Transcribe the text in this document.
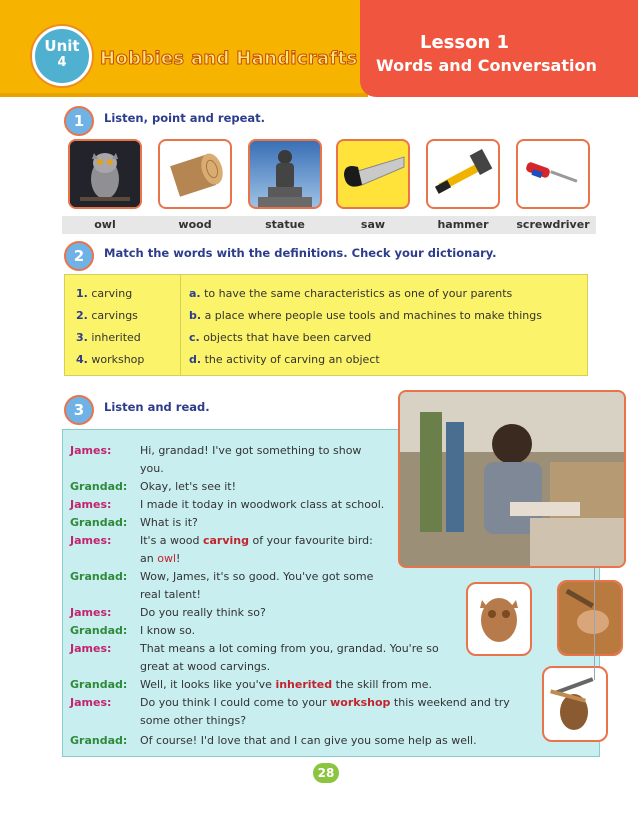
Unit
4	Hobbies and Handicrafts
Lesson 1
Words and Conversation
1	Listen, point and repeat.
owl	wood	statue	saw	hammer	screwdriver
2	Match the words with the definitions. Check your dictionary.
1. carving
2. carvings
3. inherited
4. workshop
a. to have the same characteristics as one of your parents
b. a place where people use tools and machines to make things
c. objects that have been carved
d. the activity of carving an object
3	Listen and read.
James:	Hi, grandad! I've got something to show
you.
Grandad: Okay, let's see it!
James:	I made it today in woodwork class at school.
Grandad: What is it?
James:	It's a wood carving of your favourite bird:
an owl!
Grandad: Wow, James, it's so good. You've got some
real talent!
James:	Do you really think so?
Grandad: I know so.
James:	That means a lot coming from you, grandad. You're so
great at wood carvings.
Grandad: Well, it looks like you've inherited the skill from me.
James:	Do you think I could come to your workshop this weekend and try
some other things?
Grandad: Of course! I'd love that and I can give you some help as well.
28
